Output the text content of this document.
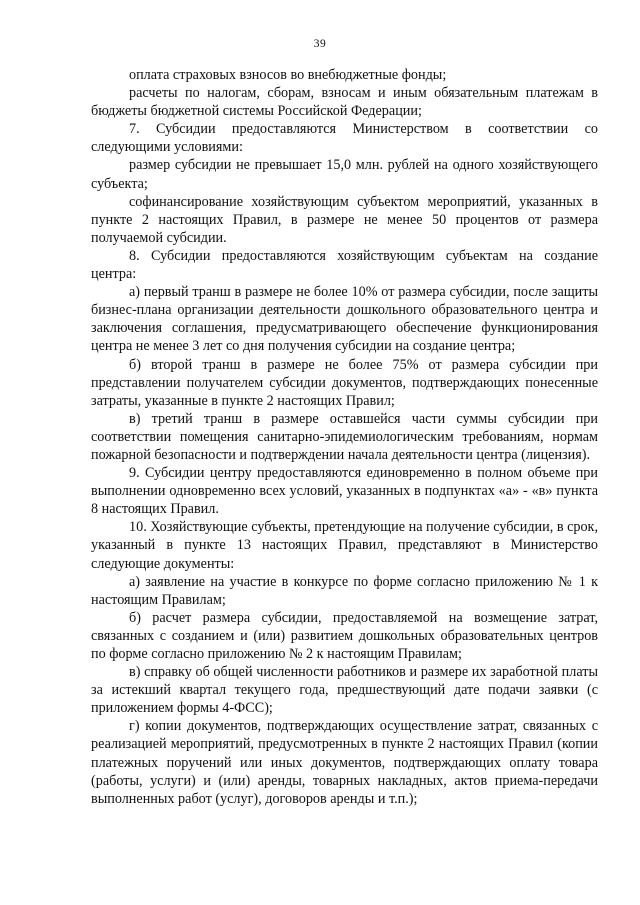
39

оплата страховых взносов во внебюджетные фонды;

расчеты по налогам, сборам, взносам и иным обязательным платежам в бюджеты бюджетной системы Российской Федерации;

7. Субсидии предоставляются Министерством в соответствии со следующими условиями:

размер субсидии не превышает 15,0 млн. рублей на одного хозяйствующего субъекта;

софинансирование хозяйствующим субъектом мероприятий, указанных в пункте 2 настоящих Правил, в размере не менее 50 процентов от размера получаемой субсидии.

8. Субсидии предоставляются хозяйствующим субъектам на создание центра:

а) первый транш в размере не более 10% от размера субсидии, после защиты бизнес-плана организации деятельности дошкольного образовательного центра и заключения соглашения, предусматривающего обеспечение функционирования центра не менее 3 лет со дня получения субсидии на создание центра;

б) второй транш в размере не более 75% от размера субсидии при представлении получателем субсидии документов, подтверждающих понесенные затраты, указанные в пункте 2 настоящих Правил;

в) третий транш в размере оставшейся части суммы субсидии при соответствии помещения санитарно-эпидемиологическим требованиям, нормам пожарной безопасности и подтверждении начала деятельности центра (лицензия).

9. Субсидии центру предоставляются единовременно в полном объеме при выполнении одновременно всех условий, указанных в подпунктах «а» - «в» пункта 8 настоящих Правил.

10. Хозяйствующие субъекты, претендующие на получение субсидии, в срок, указанный в пункте 13 настоящих Правил, представляют в Министерство следующие документы:

а) заявление на участие в конкурсе по форме согласно приложению № 1 к настоящим Правилам;

б) расчет размера субсидии, предоставляемой на возмещение затрат, связанных с созданием и (или) развитием дошкольных образовательных центров по форме согласно приложению № 2 к настоящим Правилам;

в) справку об общей численности работников и размере их заработной платы за истекший квартал текущего года, предшествующий дате подачи заявки (с приложением формы 4-ФСС);

г) копии документов, подтверждающих осуществление затрат, связанных с реализацией мероприятий, предусмотренных в пункте 2 настоящих Правил (копии платежных поручений или иных документов, подтверждающих оплату товара (работы, услуги) и (или) аренды, товарных накладных, актов приема-передачи выполненных работ (услуг), договоров аренды и т.п.);
